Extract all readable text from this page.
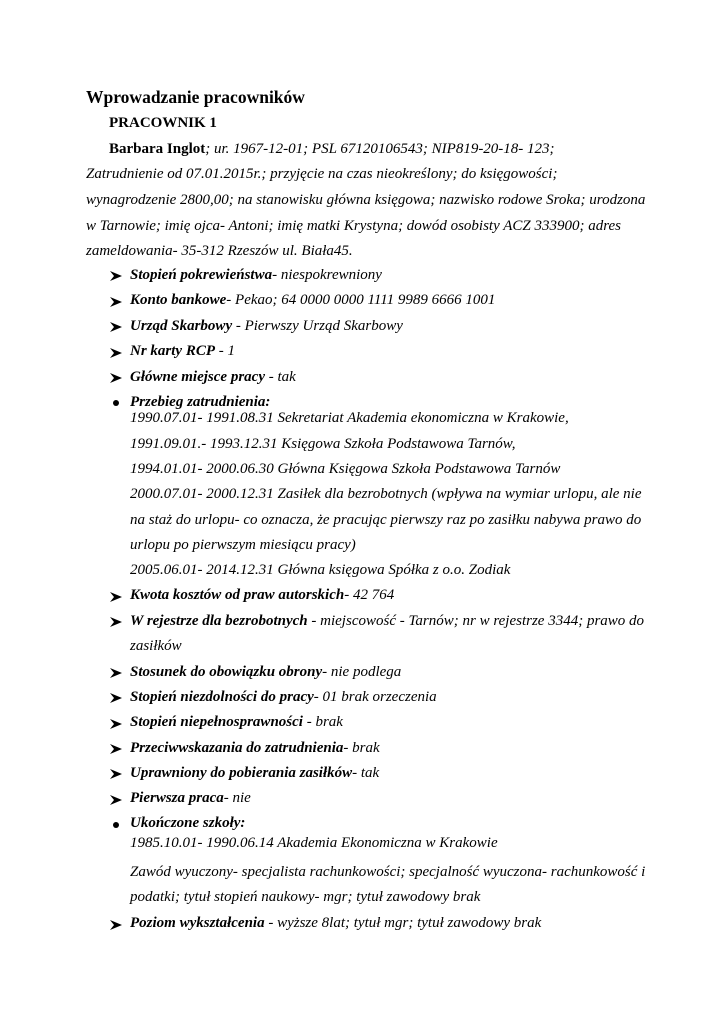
Wprowadzanie pracowników
PRACOWNIK 1
Barbara Inglot; ur. 1967-12-01; PSL 67120106543; NIP819-20-18- 123;
Zatrudnienie od 07.01.2015r.; przyjęcie na czas nieokreślony; do księgowości;
wynagrodzenie 2800,00; na stanowisku główna księgowa; nazwisko rodowe Sroka; urodzona
w Tarnowie; imię ojca- Antoni; imię matki Krystyna; dowód osobisty ACZ 333900; adres
zameldowania- 35-312 Rzeszów ul. Biała45.
Stopień pokrewieństwa- niespokrewniony
Konto bankowe- Pekao; 64 0000 0000 1111 9989 6666 1001
Urząd Skarbowy - Pierwszy Urząd Skarbowy
Nr karty RCP - 1
Główne miejsce pracy - tak
Przebieg zatrudnienia:
1990.07.01- 1991.08.31 Sekretariat Akademia ekonomiczna w Krakowie,
1991.09.01.- 1993.12.31 Księgowa Szkoła Podstawowa Tarnów,
1994.01.01- 2000.06.30 Główna Księgowa Szkoła Podstawowa Tarnów
2000.07.01- 2000.12.31 Zasiłek dla bezrobotnych (wpływa na wymiar urlopu, ale nie
na staż do urlopu- co oznacza, że pracując pierwszy raz po zasiłku nabywa prawo do
urlopu po pierwszym miesiącu pracy)
2005.06.01- 2014.12.31 Główna księgowa Spółka z o.o. Zodiak
Kwota kosztów od praw autorskich- 42 764
W rejestrze dla bezrobotnych - miejscowość - Tarnów; nr w rejestrze 3344; prawo do
zasiłków
Stosunek do obowiązku obrony- nie podlega
Stopień niezdolności do pracy- 01 brak orzeczenia
Stopień niepełnosprawności - brak
Przeciwwskazania do zatrudnienia- brak
Uprawniony do pobierania zasiłków- tak
Pierwsza praca- nie
Ukończone szkoły:
1985.10.01- 1990.06.14 Akademia Ekonomiczna w Krakowie
Zawód wyuczony- specjalista rachunkowości; specjalność wyuczona- rachunkowość i
podatki; tytuł stopień naukowy- mgr; tytuł zawodowy brak
Poziom wykształcenia - wyższe 8lat; tytuł mgr; tytuł zawodowy brak
